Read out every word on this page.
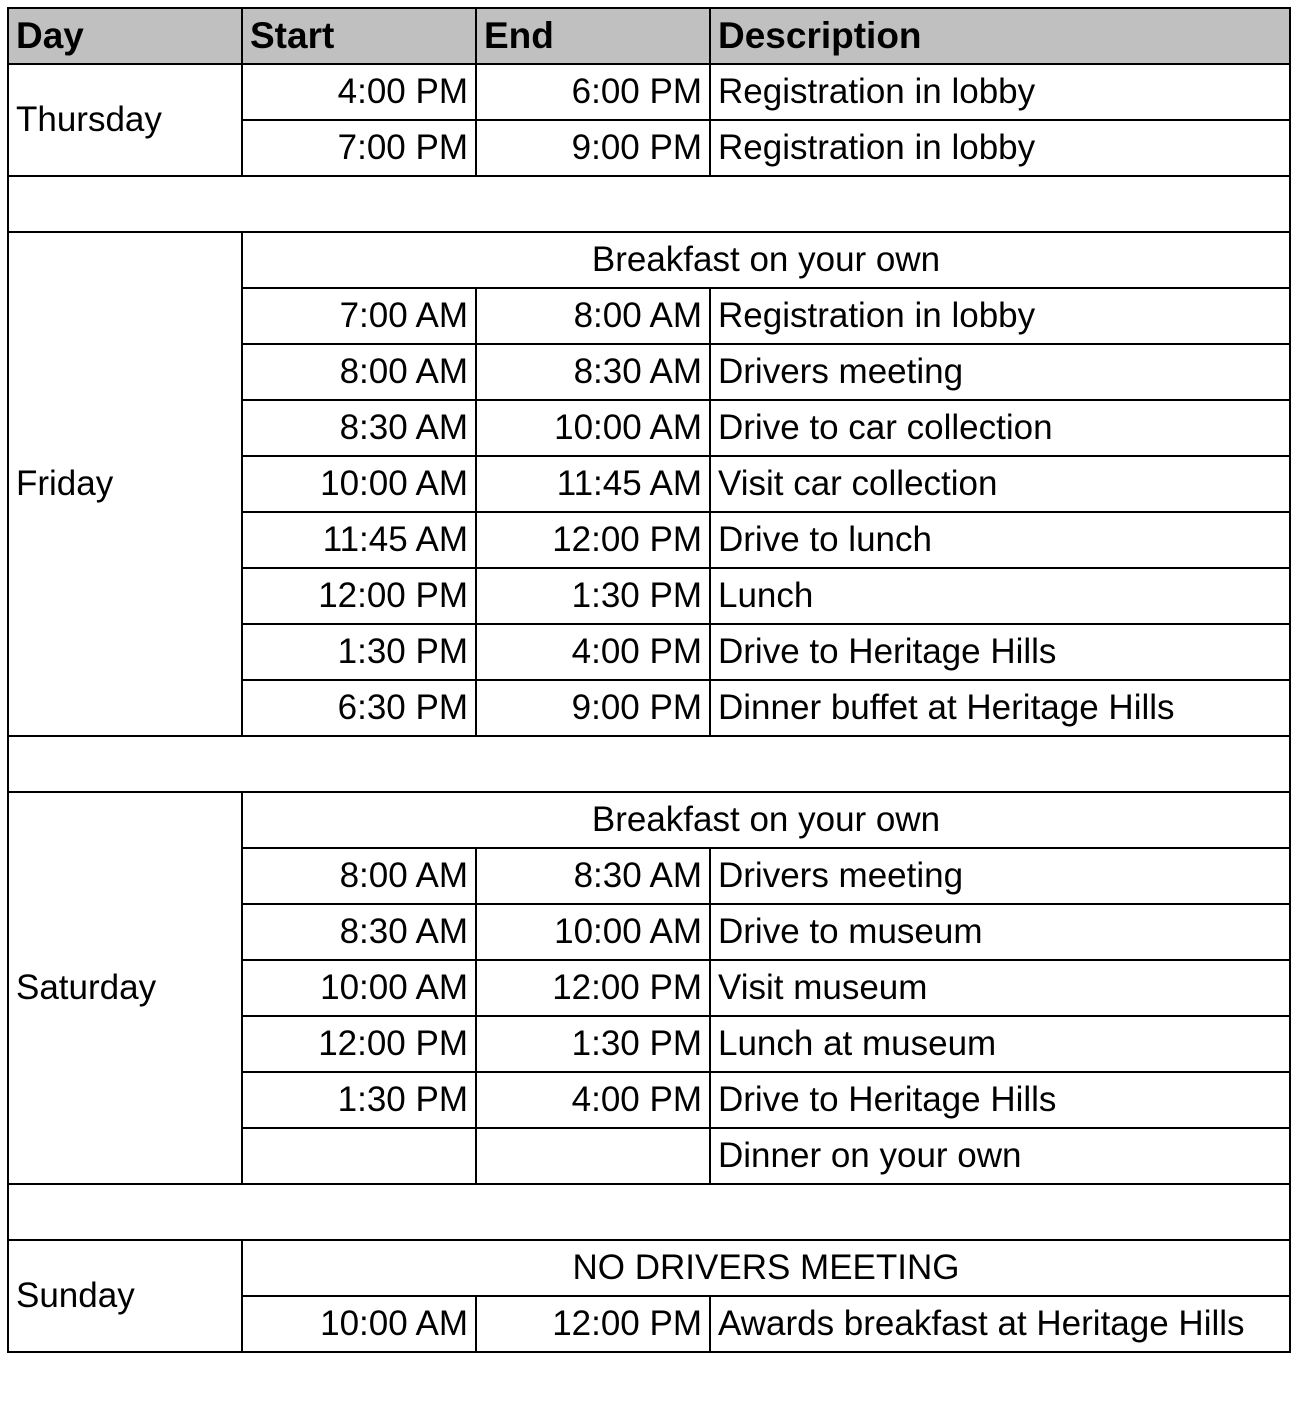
Day	Start	End	Description
Thursday	4:00 PM	6:00 PM	Registration in lobby
	7:00 PM	9:00 PM	Registration in lobby

Friday	Breakfast on your own		
	7:00 AM	8:00 AM	Registration in lobby
	8:00 AM	8:30 AM	Drivers meeting
	8:30 AM	10:00 AM	Drive to car collection
	10:00 AM	11:45 AM	Visit car collection
	11:45 AM	12:00 PM	Drive to lunch
	12:00 PM	1:30 PM	Lunch
	1:30 PM	4:00 PM	Drive to Heritage Hills
	6:30 PM	9:00 PM	Dinner buffet at Heritage Hills

Saturday	Breakfast on your own		
	8:00 AM	8:30 AM	Drivers meeting
	8:30 AM	10:00 AM	Drive to museum
	10:00 AM	12:00 PM	Visit museum
	12:00 PM	1:30 PM	Lunch at museum
	1:30 PM	4:00 PM	Drive to Heritage Hills
			Dinner on your own

Sunday	NO DRIVERS MEETING		
	10:00 AM	12:00 PM	Awards breakfast at Heritage Hills
